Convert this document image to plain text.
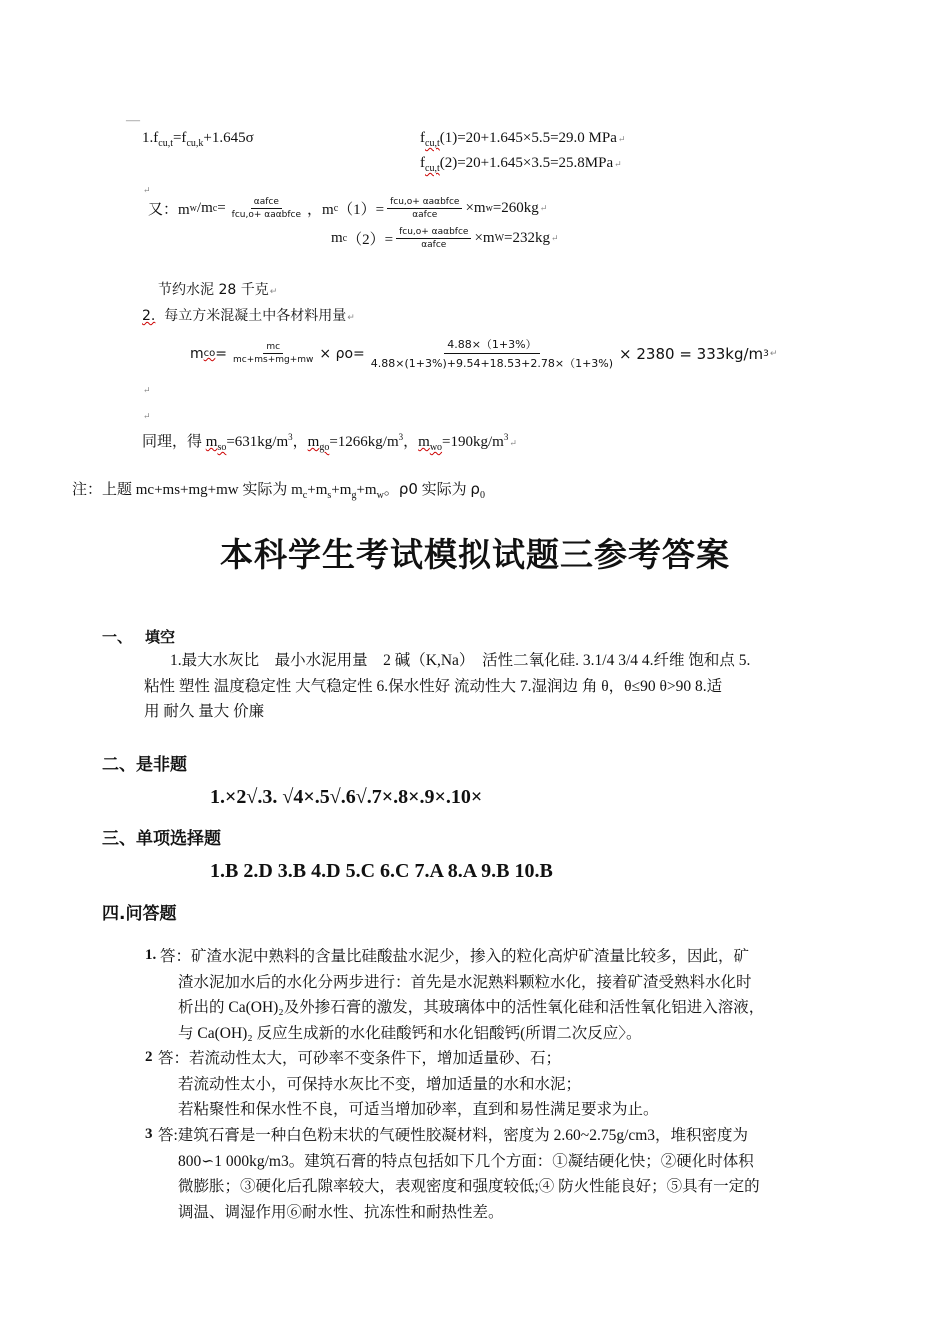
—
$1.f_{cu,t}=f_{cu,k}+1.645\sigma$	$f_{cu,t}(1)=20+1.645\times 5.5=29.0$ MPa↵
$f_{cu,t}(2)=20+1.645\times 3.5=25.8MPa↵$
↵
又：m w /m $c = \frac{\text{αafce}}{\text{fcu,o+ αaαbfce}}$ ，m c $(1)= \frac{\text{fcu,o+ αaαbfce}}{\text{αafce}} \times m$ w =260kg ↵
m c $(2)= \frac{\text{fcu,o+ αaαbfce}}{\text{αafce}} \times m$ W =232kg ↵
节约水泥 28 千克↵
2. 每立方米混凝土中各材料用量↵
m co = $\frac{mc}{mc+ms+mg+mw} \times \rho o= \frac{4.88\times(1+3\%)}{4.88\times(1+3\%)+9.54+18.53+2.78\times(1+3\%)} \times 2380 = 333kg/m$ 3 ↵
↵
↵
同理，得 $m_{so}=631kg/m^3$，$m_{go}=1266kg/m^3$，$m_{wo}=190kg/m^3↵$
注：上题 mc+ms+mg+mw 实际为 $m_c+m_s+m_g+m_w$。ρ0 实际为 $\rho_0$
本科学生考试模拟试题三参考答案
一、 填空

1.最大水灰比　最小水泥用量　2 碱（K,Na）　活性二氧化硅. 3.1/4 3/4 4.纤维 饱和点 5.

粘性 塑性 温度稳定性 大气稳定性 6.保水性好 流动性大 7.湿润边 角 θ，θ≤90 θ>90 8.适

用 耐久 量大 价廉

二、是非题
1.×2√.3. √4×.5√.6√.7×.8×.9×.10×
三、单项选择题
1.B 2.D 3.B 4.D 5.C 6.C 7.A 8.A 9.B 10.B
四.问答题
1. 答：矿渣水泥中熟料的含量比硅酸盐水泥少，掺入的粒化高炉矿渣量比较多，因此，矿

渣水泥加水后的水化分两步进行：首先是水泥熟料颗粒水化，接着矿渣受熟料水化时

析出的 Ca(OH)₂及外掺石膏的激发，其玻璃体中的活性氧化硅和活性氧化铝进入溶液，

与 Ca(OH)₂ 反应生成新的水化硅酸钙和水化铝酸钙(所谓二次反应〉。

2 答：若流动性太大，可砂率不变条件下，增加适量砂、石；

若流动性太小，可保持水灰比不变，增加适量的水和水泥；

若粘聚性和保水性不良，可适当增加砂率，直到和易性满足要求为止。

3 答:建筑石膏是一种白色粉末状的气硬性胶凝材料，密度为 2.60~2.75g/cm3，堆积密度为

800∽1 000kg/m3。建筑石膏的特点包括如下几个方面：①凝结硬化快；②硬化时体积

微膨胀；③硬化后孔隙率较大，表观密度和强度较低;④ 防火性能良好；⑤具有一定的

调温、调湿作用⑥耐水性、抗冻性和耐热性差。
